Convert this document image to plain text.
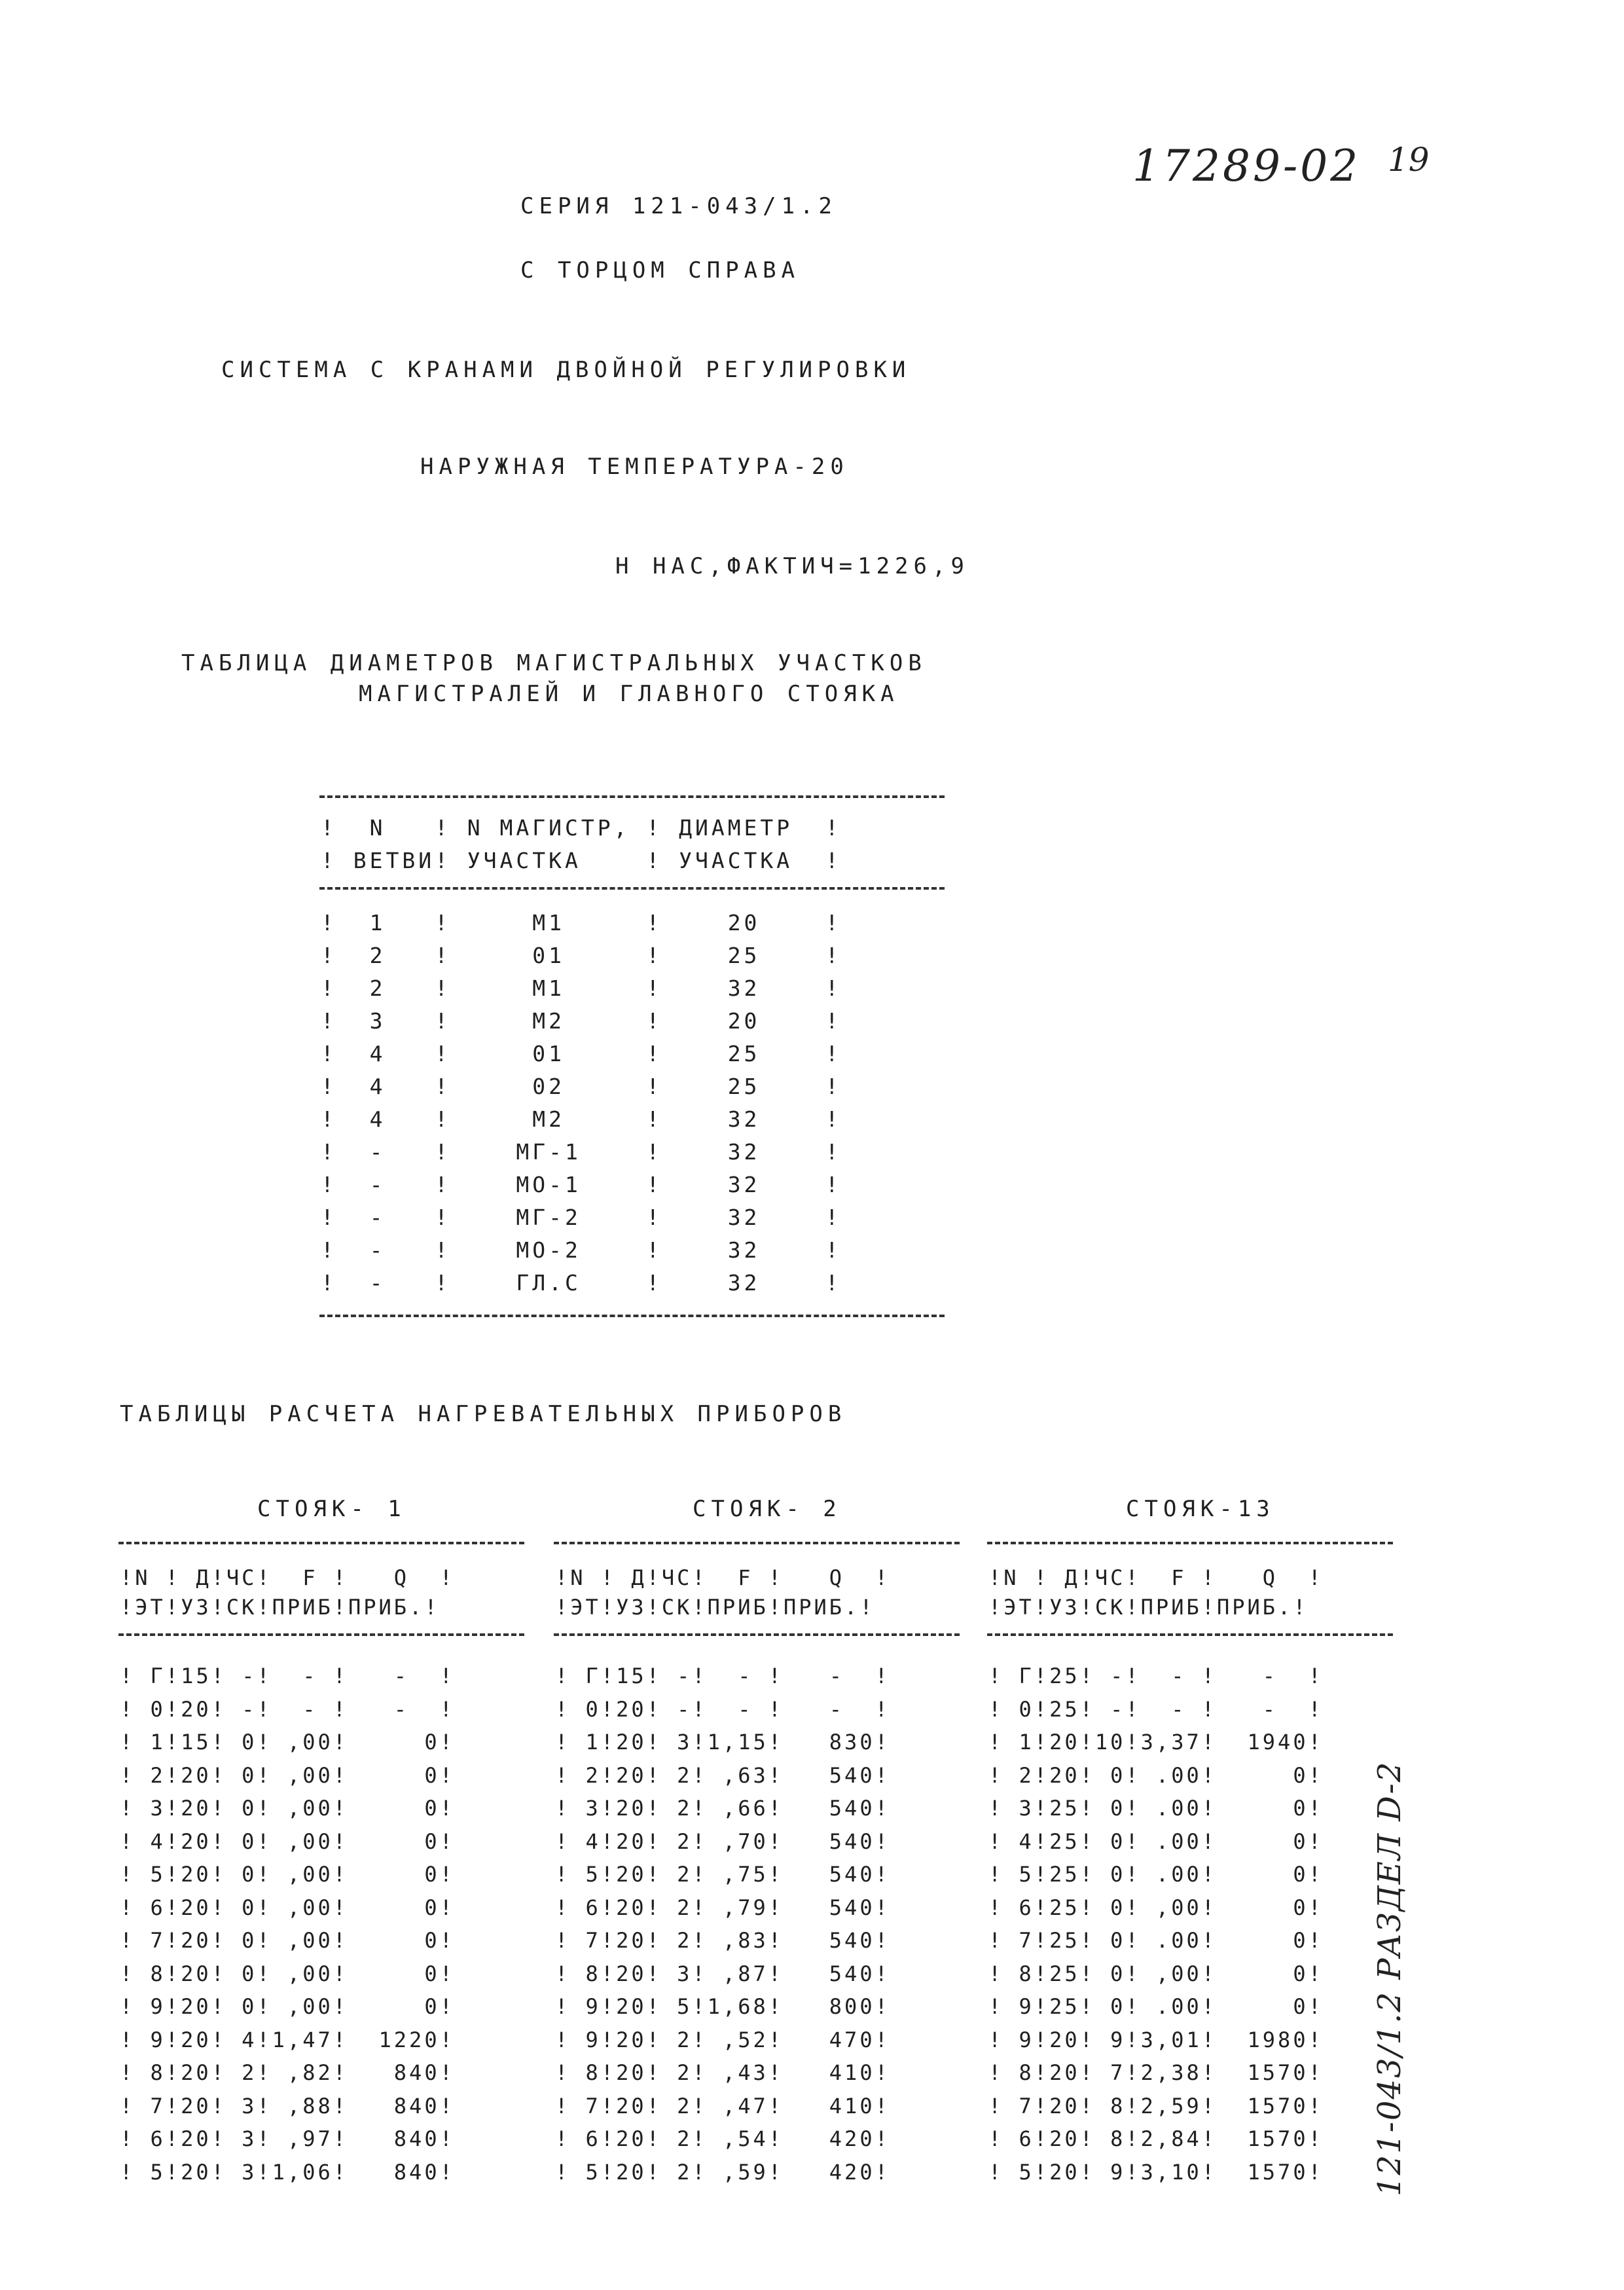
17289-02 19
121-043/1.2 РАЗДЕЛ D-2
СЕРИЯ 121-043/1.2
С ТОРЦОМ СПРАВА
СИСТЕМА С КРАНАМИ ДВОЙНОЙ РЕГУЛИРОВКИ
НАРУЖНАЯ ТЕМПЕРАТУРА-20
Н НАС,ФАКТИЧ=1226,9
ТАБЛИЦА ДИАМЕТРОВ МАГИСТРАЛЬНЫХ УЧАСТКОВ
МАГИСТРАЛЕЙ И ГЛАВНОГО СТОЯКА
!  N   ! N МАГИСТР, ! ДИАМЕТР  !
! ВЕТВИ! УЧАСТКА    ! УЧАСТКА  !
!  1   !     М1     !    20    !
!  2   !     01     !    25    !
!  2   !     М1     !    32    !
!  3   !     М2     !    20    !
!  4   !     01     !    25    !
!  4   !     02     !    25    !
!  4   !     М2     !    32    !
!  -   !    МГ-1    !    32    !
!  -   !    МО-1    !    32    !
!  -   !    МГ-2    !    32    !
!  -   !    МО-2    !    32    !
!  -   !    ГЛ.С    !    32    !
ТАБЛИЦЫ РАСЧЕТА НАГРЕВАТЕЛЬНЫХ ПРИБОРОВ
СТОЯК- 1
!N ! Д!ЧС!  F !   Q  !
!ЭТ!УЗ!СК!ПРИБ!ПРИБ.!
! Г!15! -!  - !   -  !
! 0!20! -!  - !   -  !
! 1!15! 0! ,00!     0!
! 2!20! 0! ,00!     0!
! 3!20! 0! ,00!     0!
! 4!20! 0! ,00!     0!
! 5!20! 0! ,00!     0!
! 6!20! 0! ,00!     0!
! 7!20! 0! ,00!     0!
! 8!20! 0! ,00!     0!
! 9!20! 0! ,00!     0!
! 9!20! 4!1,47!  1220!
! 8!20! 2! ,82!   840!
! 7!20! 3! ,88!   840!
! 6!20! 3! ,97!   840!
! 5!20! 3!1,06!   840!
СТОЯК- 2
!N ! Д!ЧС!  F !   Q  !
!ЭТ!УЗ!СК!ПРИБ!ПРИБ.!
! Г!15! -!  - !   -  !
! 0!20! -!  - !   -  !
! 1!20! 3!1,15!   830!
! 2!20! 2! ,63!   540!
! 3!20! 2! ,66!   540!
! 4!20! 2! ,70!   540!
! 5!20! 2! ,75!   540!
! 6!20! 2! ,79!   540!
! 7!20! 2! ,83!   540!
! 8!20! 3! ,87!   540!
! 9!20! 5!1,68!   800!
! 9!20! 2! ,52!   470!
! 8!20! 2! ,43!   410!
! 7!20! 2! ,47!   410!
! 6!20! 2! ,54!   420!
! 5!20! 2! ,59!   420!
СТОЯК-13
!N ! Д!ЧС!  F !   Q  !
!ЭТ!УЗ!СК!ПРИБ!ПРИБ.!
! Г!25! -!  - !   -  !
! 0!25! -!  - !   -  !
! 1!20!10!3,37!  1940!
! 2!20! 0! .00!     0!
! 3!25! 0! .00!     0!
! 4!25! 0! .00!     0!
! 5!25! 0! .00!     0!
! 6!25! 0! ,00!     0!
! 7!25! 0! .00!     0!
! 8!25! 0! ,00!     0!
! 9!25! 0! .00!     0!
! 9!20! 9!3,01!  1980!
! 8!20! 7!2,38!  1570!
! 7!20! 8!2,59!  1570!
! 6!20! 8!2,84!  1570!
! 5!20! 9!3,10!  1570!
